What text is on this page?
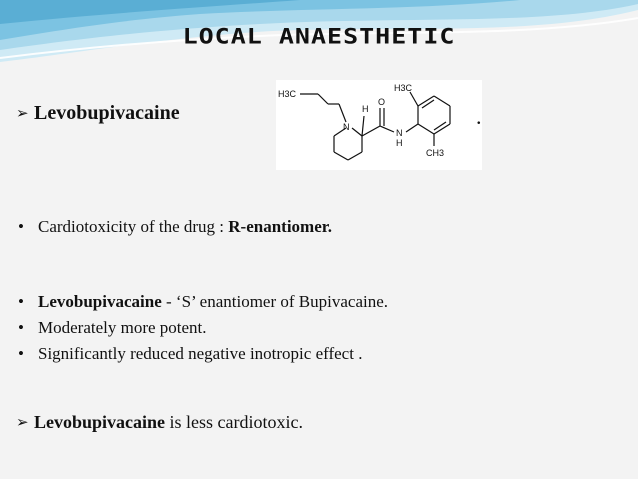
LOCAL ANAESTHETIC
➢ Levobupivacaine
H3C
H
N
O
N
H
H3C
CH3
.
• Cardiotoxicity of the drug : R-enantiomer.
• Levobupivacaine - ‘S’ enantiomer of Bupivacaine.
• Moderately more potent.
• Significantly reduced negative inotropic effect .
➢ Levobupivacaine is less cardiotoxic.
